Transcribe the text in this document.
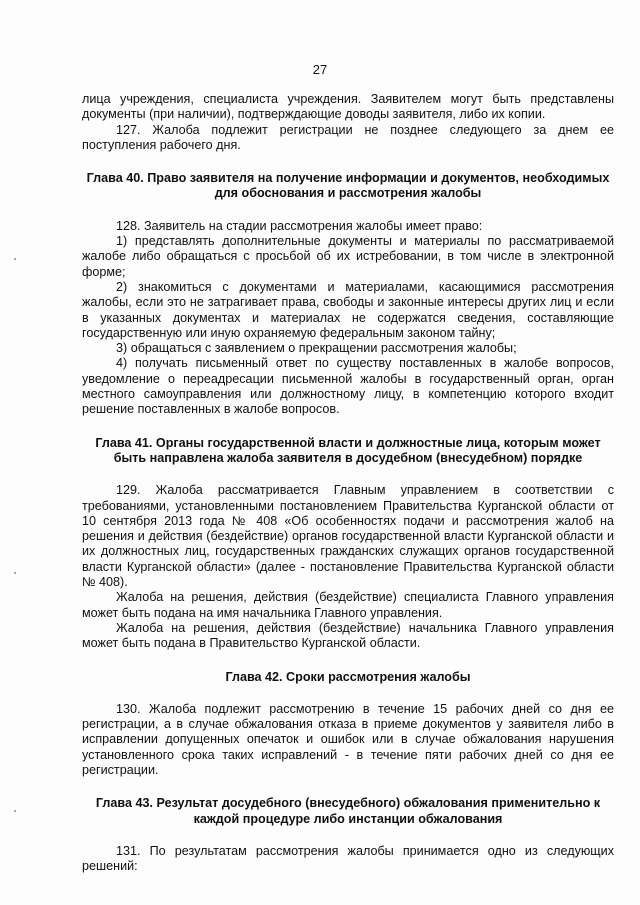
27

лица учреждения, специалиста учреждения. Заявителем могут быть представлены документы (при наличии), подтверждающие доводы заявителя, либо их копии.

127. Жалоба подлежит регистрации не позднее следующего за днем ее поступления рабочего дня.

Глава 40. Право заявителя на получение информации и документов, необходимых для обоснования и рассмотрения жалобы

128. Заявитель на стадии рассмотрения жалобы имеет право:

1) представлять дополнительные документы и материалы по рассматриваемой жалобе либо обращаться с просьбой об их истребовании, в том числе в электронной форме;

2) знакомиться с документами и материалами, касающимися рассмотрения жалобы, если это не затрагивает права, свободы и законные интересы других лиц и если в указанных документах и материалах не содержатся сведения, составляющие государственную или иную охраняемую федеральным законом тайну;

3) обращаться с заявлением о прекращении рассмотрения жалобы;

4) получать письменный ответ по существу поставленных в жалобе вопросов, уведомление о переадресации письменной жалобы в государственный орган, орган местного самоуправления или должностному лицу, в компетенцию которого входит решение поставленных в жалобе вопросов.

Глава 41. Органы государственной власти и должностные лица, которым может быть направлена жалоба заявителя в досудебном (внесудебном) порядке

129. Жалоба рассматривается Главным управлением в соответствии с требованиями, установленными постановлением Правительства Курганской области от 10 сентября 2013 года № 408 «Об особенностях подачи и рассмотрения жалоб на решения и действия (бездействие) органов государственной власти Курганской области и их должностных лиц, государственных гражданских служащих органов государственной власти Курганской области» (далее - постановление Правительства Курганской области № 408).

Жалоба на решения, действия (бездействие) специалиста Главного управления может быть подана на имя начальника Главного управления.

Жалоба на решения, действия (бездействие) начальника Главного управления может быть подана в Правительство Курганской области.

Глава 42. Сроки рассмотрения жалобы

130. Жалоба подлежит рассмотрению в течение 15 рабочих дней со дня ее регистрации, а в случае обжалования отказа в приеме документов у заявителя либо в исправлении допущенных опечаток и ошибок или в случае обжалования нарушения установленного срока таких исправлений - в течение пяти рабочих дней со дня ее регистрации.

Глава 43. Результат досудебного (внесудебного) обжалования применительно к каждой процедуре либо инстанции обжалования

131. По результатам рассмотрения жалобы принимается одно из следующих решений:
